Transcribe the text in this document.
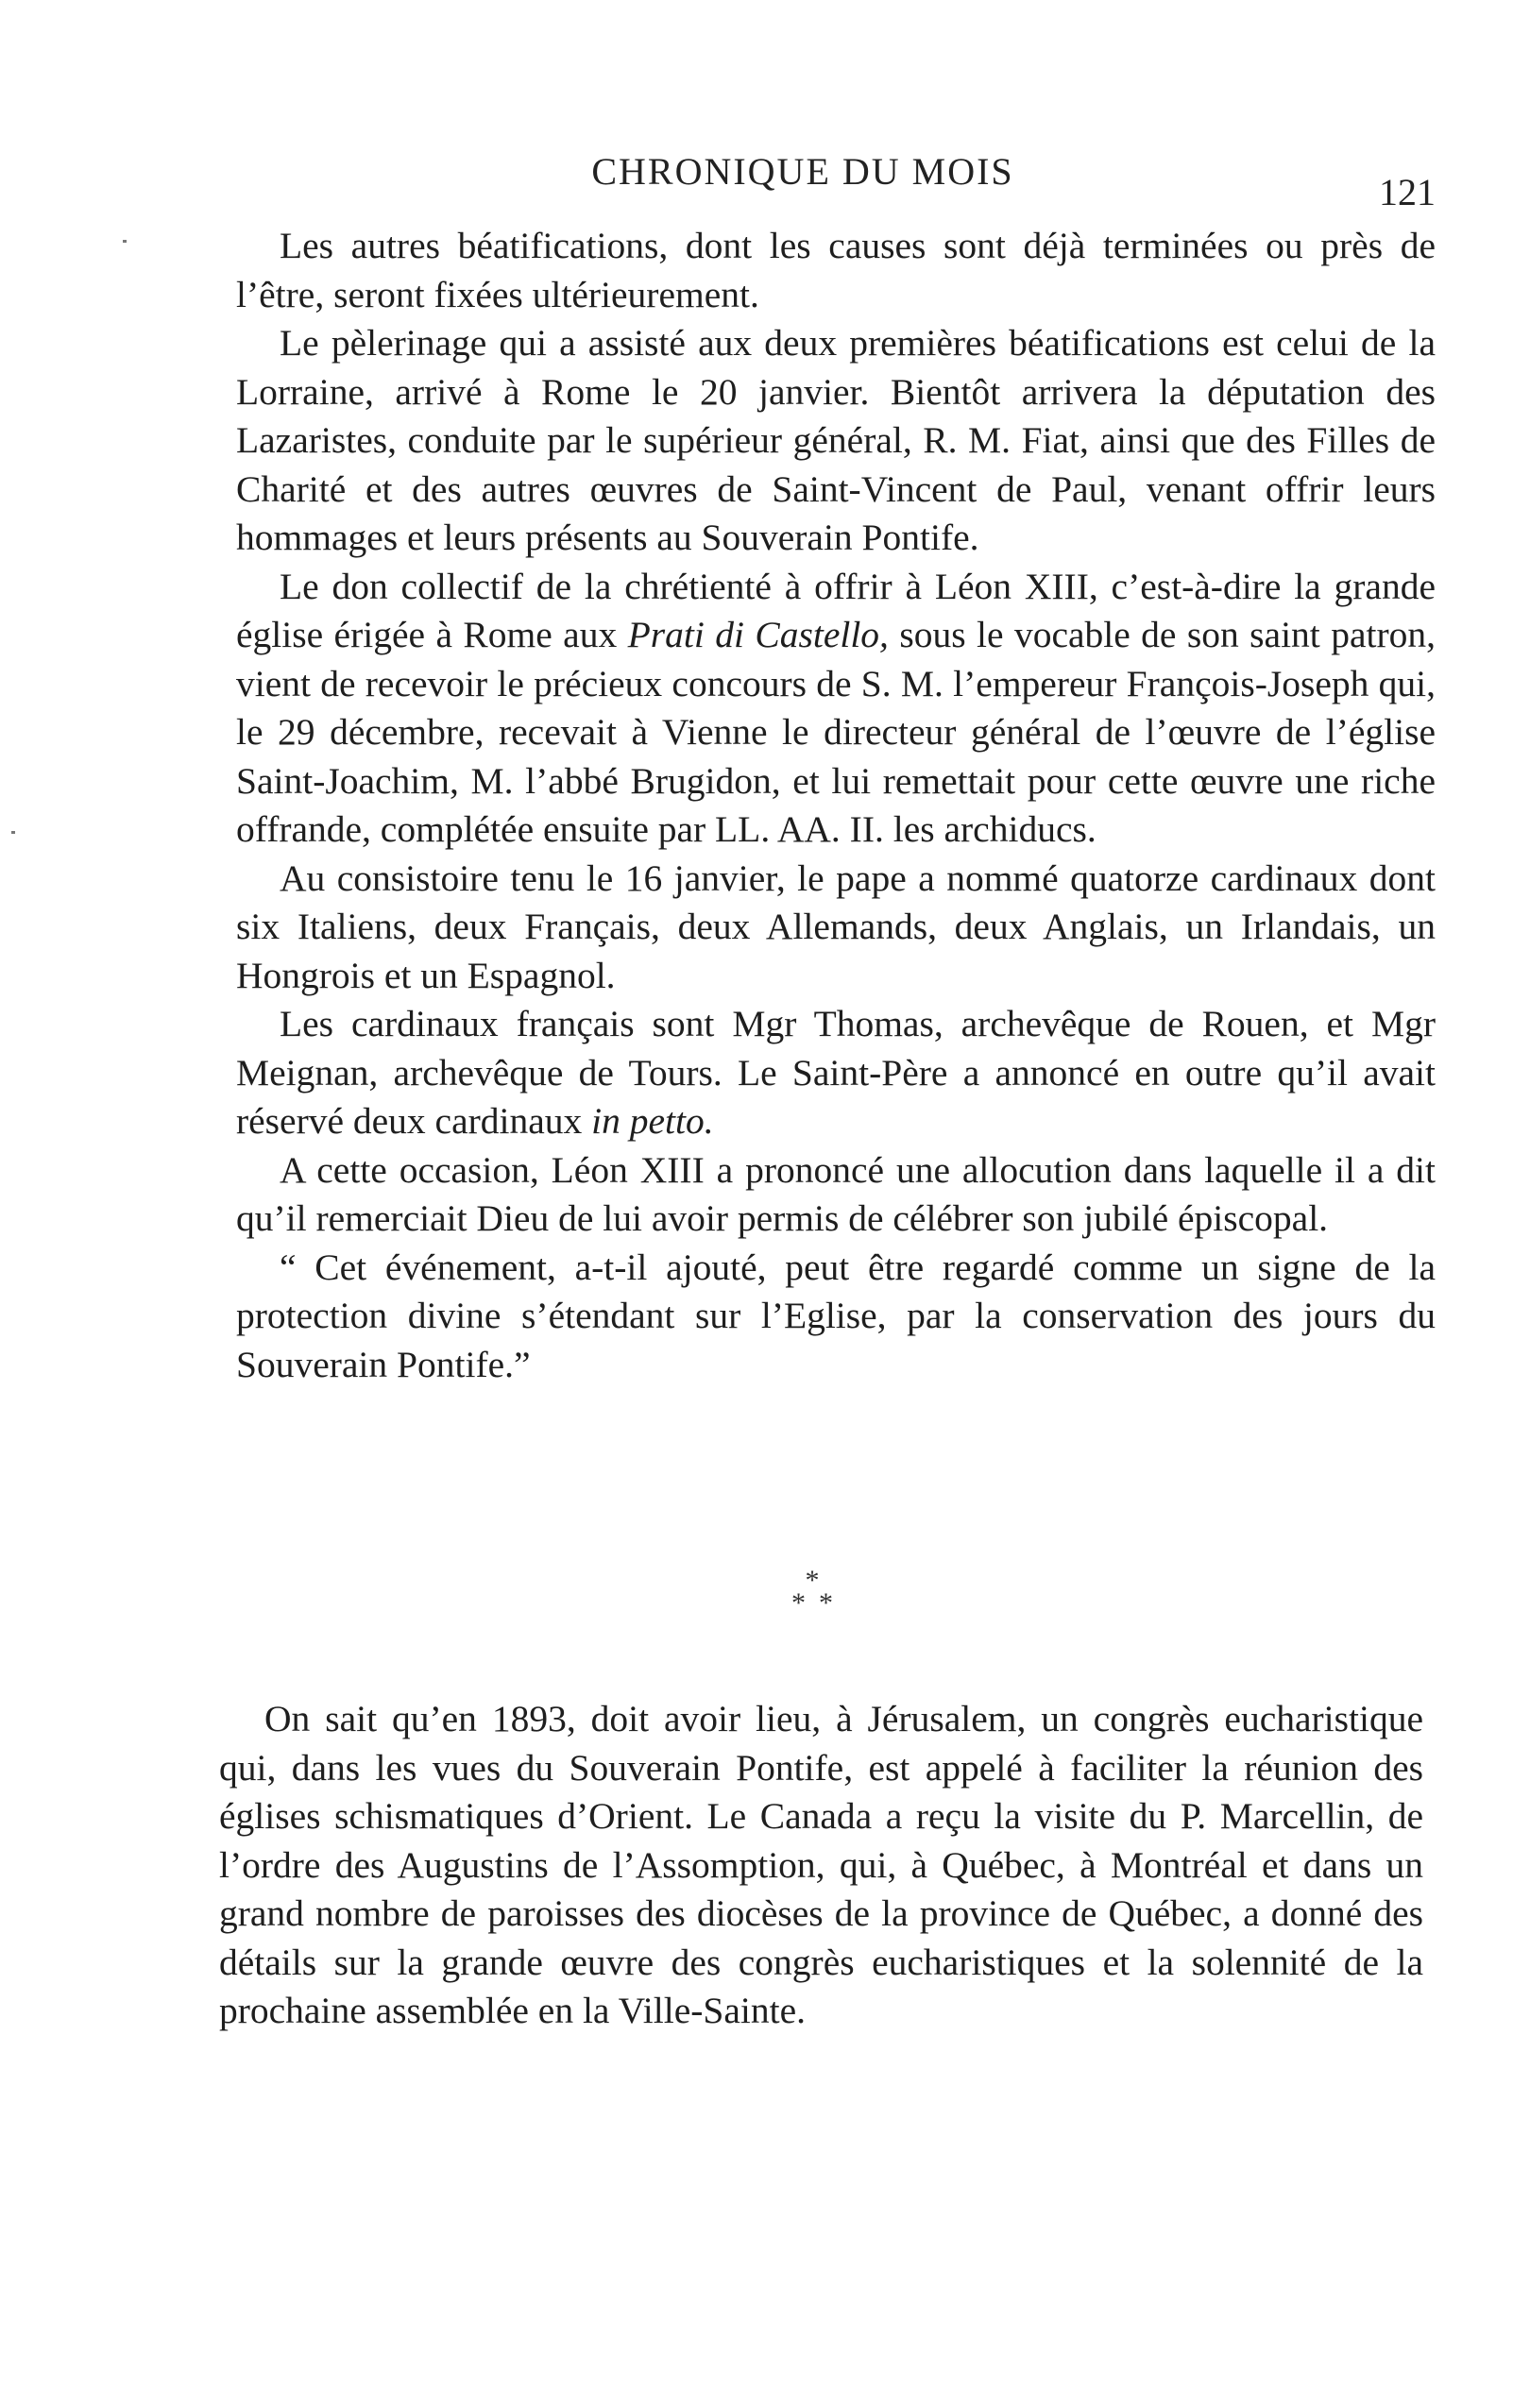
CHRONIQUE DU MOIS	121

Les autres béatifications, dont les causes sont déjà terminées ou près de l’être, seront fixées ultérieurement.

Le pèlerinage qui a assisté aux deux premières béatifications est celui de la Lorraine, arrivé à Rome le 20 janvier. Bientôt arrivera la députation des Lazaristes, conduite par le supérieur général, R. M. Fiat, ainsi que des Filles de Charité et des autres œuvres de Saint-Vincent de Paul, venant offrir leurs hommages et leurs présents au Souverain Pontife.

Le don collectif de la chrétienté à offrir à Léon XIII, c’est-à-dire la grande église érigée à Rome aux Prati di Castello, sous le vocable de son saint patron, vient de recevoir le précieux concours de S. M. l’empereur François-Joseph qui, le 29 décembre, recevait à Vienne le directeur général de l’œuvre de l’église Saint-Joachim, M. l’abbé Brugidon, et lui remettait pour cette œuvre une riche offrande, complétée ensuite par LL. AA. II. les archiducs.

Au consistoire tenu le 16 janvier, le pape a nommé quatorze cardinaux dont six Italiens, deux Français, deux Allemands, deux Anglais, un Irlandais, un Hongrois et un Espagnol.

Les cardinaux français sont Mgr Thomas, archevêque de Rouen, et Mgr Meignan, archevêque de Tours. Le Saint-Père a annoncé en outre qu’il avait réservé deux cardinaux in petto.

A cette occasion, Léon XIII a prononcé une allocution dans laquelle il a dit qu’il remerciait Dieu de lui avoir permis de célébrer son jubilé épiscopal.

“ Cet événement, a-t-il ajouté, peut être regardé comme un signe de la protection divine s’étendant sur l’Eglise, par la conservation des jours du Souverain Pontife.”

*
**

On sait qu’en 1893, doit avoir lieu, à Jérusalem, un congrès eucharistique qui, dans les vues du Souverain Pontife, est appelé à faciliter la réunion des églises schismatiques d’Orient. Le Canada a reçu la visite du P. Marcellin, de l’ordre des Augustins de l’Assomption, qui, à Québec, à Montréal et dans un grand nombre de paroisses des diocèses de la province de Québec, a donné des détails sur la grande œuvre des congrès eucharistiques et la solennité de la prochaine assemblée en la Ville-Sainte.
